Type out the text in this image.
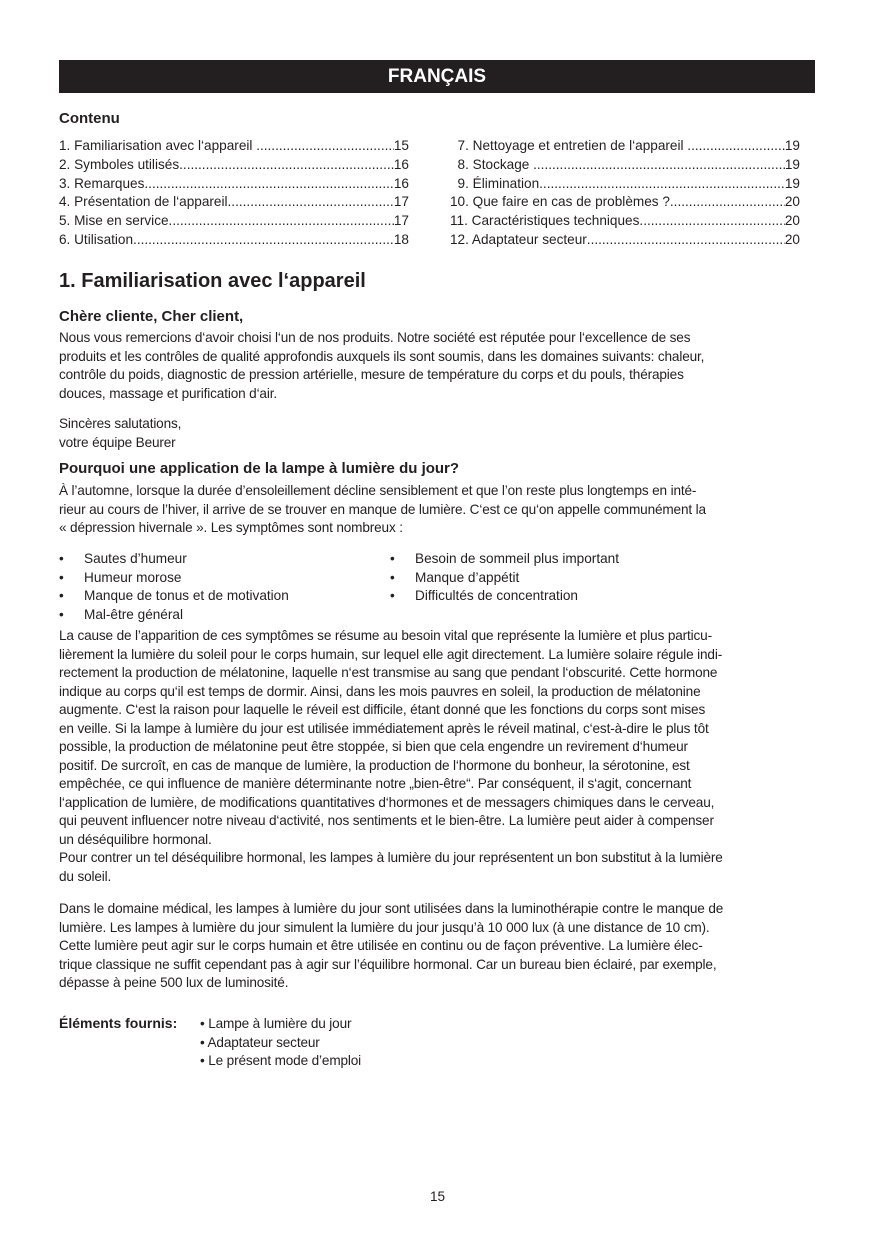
FRANÇAIS
Contenu
1. Familiarisation avec l‘appareil .....	15
2. Symboles utilisés .....	16
3. Remarques .....	16
4. Présentation de l‘appareil .....	17
5. Mise en service .....	17
6. Utilisation .....	18
7. Nettoyage et entretien de l‘appareil .....	19
8. Stockage .....	19
9. Élimination .....	19
10. Que faire en cas de problèmes ? .....	20
11. Caractéristiques techniques .....	20
12. Adaptateur secteur .....	20
1. Familiarisation avec l‘appareil
Chère cliente, Cher client,
Nous vous remercions d‘avoir choisi l‘un de nos produits. Notre société est réputée pour l‘excellence de ses
produits et les contrôles de qualité approfondis auxquels ils sont soumis, dans les domaines suivants: chaleur,
contrôle du poids, diagnostic de pression artérielle, mesure de température du corps et du pouls, thérapies
douces, massage et purification d‘air.
Sincères salutations,
votre équipe Beurer
Pourquoi une application de la lampe à lumière du jour?
À l’automne, lorsque la durée d’ensoleillement décline sensiblement et que l’on reste plus longtemps en inté-
rieur au cours de l’hiver, il arrive de se trouver en manque de lumière. C‘est ce qu‘on appelle communément la
« dépression hivernale ». Les symptômes sont nombreux :
•	Sautes d’humeur
•	Humeur morose
•	Manque de tonus et de motivation
•	Mal-être général
•	Besoin de sommeil plus important
•	Manque d’appétit
•	Difficultés de concentration
La cause de l’apparition de ces symptômes se résume au besoin vital que représente la lumière et plus particu-
lièrement la lumière du soleil pour le corps humain, sur lequel elle agit directement. La lumière solaire régule indi-
rectement la production de mélatonine, laquelle n‘est transmise au sang que pendant l‘obscurité. Cette hormone
indique au corps qu‘il est temps de dormir. Ainsi, dans les mois pauvres en soleil, la production de mélatonine
augmente. C‘est la raison pour laquelle le réveil est difficile, étant donné que les fonctions du corps sont mises
en veille. Si la lampe à lumière du jour est utilisée immédiatement après le réveil matinal, c‘est-à-dire le plus tôt
possible, la production de mélatonine peut être stoppée, si bien que cela engendre un revirement d‘humeur
positif. De surcroît, en cas de manque de lumière, la production de l‘hormone du bonheur, la sérotonine, est
empêchée, ce qui influence de manière déterminante notre „bien-être“. Par conséquent, il s‘agit, concernant
l‘application de lumière, de modifications quantitatives d‘hormones et de messagers chimiques dans le cerveau,
qui peuvent influencer notre niveau d‘activité, nos sentiments et le bien-être. La lumière peut aider à compenser
un déséquilibre hormonal.
Pour contrer un tel déséquilibre hormonal, les lampes à lumière du jour représentent un bon substitut à la lumière
du soleil.
Dans le domaine médical, les lampes à lumière du jour sont utilisées dans la luminothérapie contre le manque de
lumière. Les lampes à lumière du jour simulent la lumière du jour jusqu’à 10 000 lux (à une distance de 10 cm).
Cette lumière peut agir sur le corps humain et être utilisée en continu ou de façon préventive. La lumière élec-
trique classique ne suffit cependant pas à agir sur l’équilibre hormonal. Car un bureau bien éclairé, par exemple,
dépasse à peine 500 lux de luminosité.
Éléments fournis: • Lampe à lumière du jour
• Adaptateur secteur
• Le présent mode d’emploi
15
